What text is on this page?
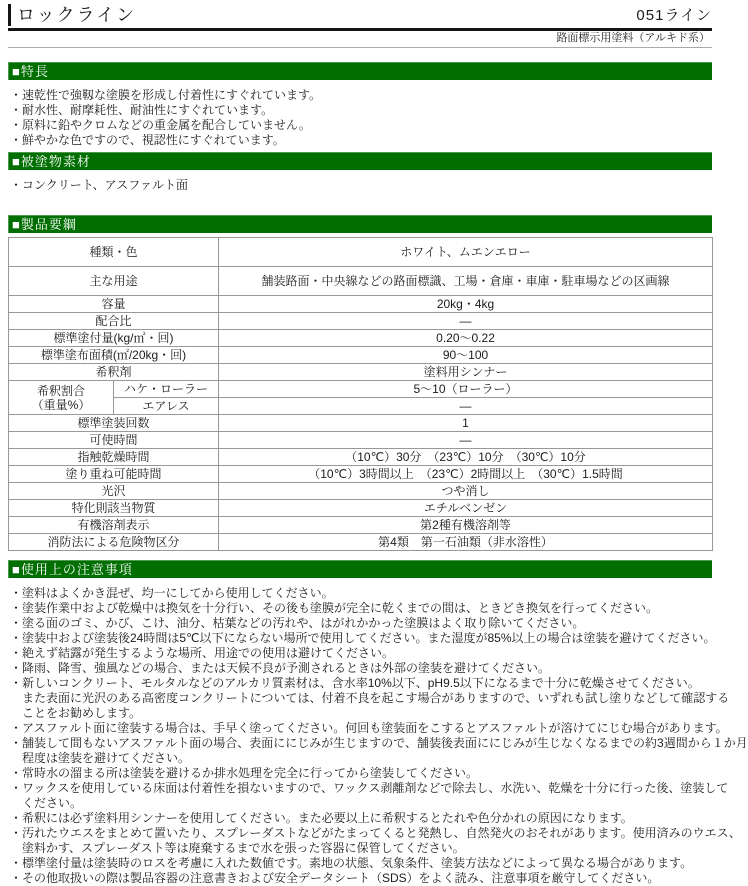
ロックライン	051ライン
路面標示用塗料（アルキド系）
■特長
・速乾性で強靱な塗膜を形成し付着性にすぐれています。
・耐水性、耐摩耗性、耐油性にすぐれています。
・原料に鉛やクロムなどの重金属を配合していません。
・鮮やかな色ですので、視認性にすぐれています。
■被塗物素材
・コンクリート、アスファルト面
■製品要綱
種類・色		ホワイト、ムエンエロー
主な用途		舗装路面・中央線などの路面標識、工場・倉庫・車庫・駐車場などの区画線
容量		20kg・4kg
配合比		―
標準塗付量(kg/㎡・回)		0.20～0.22
標準塗布面積(㎡/20kg・回)		90～100
希釈剤		塗料用シンナー

希釈割合
（重量%）	ハケ・ローラー	5～10（ローラー）
	エアレス	―
標準塗装回数		1
可使時間		―
指触乾燥時間		（10℃）30分　（23℃）10分　（30℃）10分
塗り重ね可能時間		（10℃）3時間以上　（23℃）2時間以上　（30℃）1.5時間
光沢		つや消し
特化則該当物質		エチルベンゼン
有機溶剤表示		第2種有機溶剤等
消防法による危険物区分		第4類　第一石油類（非水溶性）
■使用上の注意事項
・塗料はよくかき混ぜ、均一にしてから使用してください。
・塗装作業中および乾燥中は換気を十分行い、その後も塗膜が完全に乾くまでの間は、ときどき換気を行ってください。
・塗る面のゴミ、かび、こけ、油分、枯葉などの汚れや、はがれかかった塗膜はよく取り除いてください。
・塗装中および塗装後24時間は5℃以下にならない場所で使用してください。また湿度が85%以上の場合は塗装を避けてください。
・絶えず結露が発生するような場所、用途での使用は避けてください。
・降雨、降雪、強風などの場合、または天候不良が予測されるときは外部の塗装を避けてください。
・新しいコンクリート、モルタルなどのアルカリ質素材は、含水率10%以下、pH9.5以下になるまで十分に乾燥させてください。
また表面に光沢のある高密度コンクリートについては、付着不良を起こす場合がありますので、いずれも試し塗りなどして確認する
ことをお勧めします。
・アスファルト面に塗装する場合は、手早く塗ってください。何回も塗装面をこするとアスファルトが溶けてにじむ場合があります。
・舗装して間もないアスファルト面の場合、表面ににじみが生じますので、舗装後表面ににじみが生じなくなるまでの約3週間から１か月
程度は塗装を避けてください。
・常時水の溜まる所は塗装を避けるか排水処理を完全に行ってから塗装してください。
・ワックスを使用している床面は付着性を損ないますので、ワックス剥離剤などで除去し、水洗い、乾燥を十分に行った後、塗装して
ください。
・希釈には必ず塗料用シンナーを使用してください。また必要以上に希釈するとたれや色分かれの原因になります。
・汚れたウエスをまとめて置いたり、スプレーダストなどがたまってくると発熱し、自然発火のおそれがあります。使用済みのウエス、
塗料かす、スプレーダスト等は廃棄するまで水を張った容器に保管してください。
・標準塗付量は塗装時のロスを考慮に入れた数値です。素地の状態、気象条件、塗装方法などによって異なる場合があります。
・その他取扱いの際は製品容器の注意書きおよび安全データシート（SDS）をよく読み、注意事項を厳守してください。
